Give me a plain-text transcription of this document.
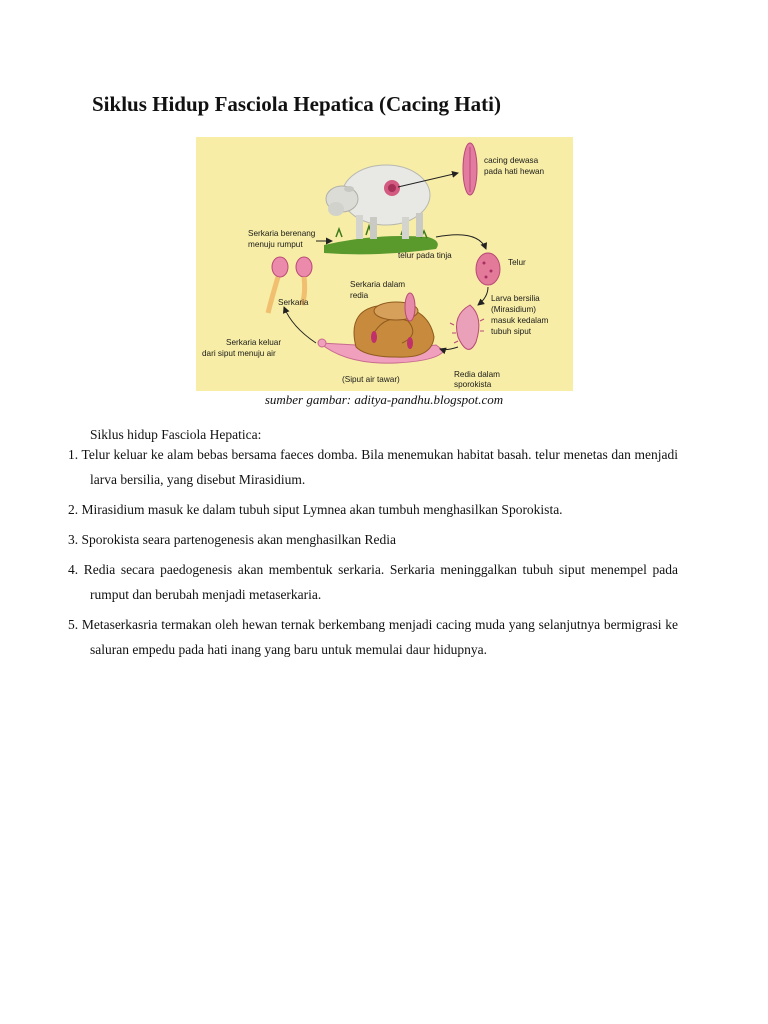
Siklus Hidup Fasciola Hepatica (Cacing Hati)
cacing dewasa
pada hati hewan
Telur
telur pada tinja
Larva bersilia
(Mirasidium)
masuk kedalam
tubuh siput
Redia dalam
sporokista
(Siput air tawar)
Serkaria dalam
redia
Serkaria
Serkaria berenang
menuju rumput
Serkaria keluar
dari siput menuju air
sumber gambar: aditya-pandhu.blogspot.com
Siklus hidup Fasciola Hepatica:
1. Telur keluar ke alam bebas bersama faeces domba. Bila menemukan habitat basah. telur menetas dan menjadi larva bersilia, yang disebut Mirasidium.
2. Mirasidium masuk ke dalam tubuh siput Lymnea akan tumbuh menghasilkan Sporokista.
3. Sporokista seara partenogenesis akan menghasilkan Redia
4. Redia secara paedogenesis akan membentuk serkaria. Serkaria meninggalkan tubuh siput menempel pada rumput dan berubah menjadi metaserkaria.
5. Metaserkasria termakan oleh hewan ternak berkembang menjadi cacing muda yang selanjutnya bermigrasi ke saluran empedu pada hati inang yang baru untuk memulai daur hidupnya.
